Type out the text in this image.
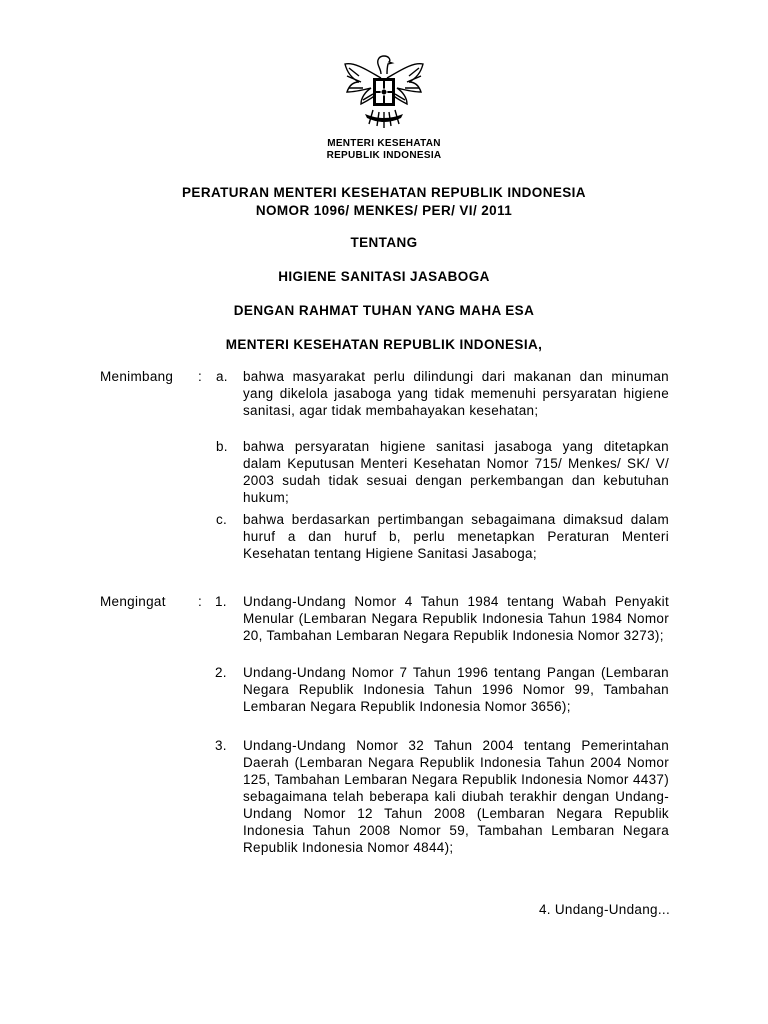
MENTERI KESEHATAN
REPUBLIK INDONESIA
PERATURAN MENTERI KESEHATAN REPUBLIK INDONESIA
NOMOR 1096/ MENKES/ PER/ VI/ 2011
TENTANG
HIGIENE SANITASI JASABOGA
DENGAN RAHMAT TUHAN YANG MAHA ESA
MENTERI KESEHATAN REPUBLIK INDONESIA,
Menimbang : a. bahwa masyarakat perlu dilindungi dari makanan dan minuman yang dikelola jasaboga yang tidak memenuhi persyaratan higiene sanitasi, agar tidak membahayakan kesehatan;
b. bahwa persyaratan higiene sanitasi jasaboga yang ditetapkan dalam Keputusan Menteri Kesehatan Nomor 715/ Menkes/ SK/ V/ 2003 sudah tidak sesuai dengan perkembangan dan kebutuhan hukum;
c. bahwa berdasarkan pertimbangan sebagaimana dimaksud dalam huruf a dan huruf b, perlu menetapkan Peraturan Menteri Kesehatan tentang Higiene Sanitasi Jasaboga;
Mengingat : 1. Undang-Undang Nomor 4 Tahun 1984 tentang Wabah Penyakit Menular (Lembaran Negara Republik Indonesia Tahun 1984 Nomor 20, Tambahan Lembaran Negara Republik Indonesia Nomor 3273);
2. Undang-Undang Nomor 7 Tahun 1996 tentang Pangan (Lembaran Negara Republik Indonesia Tahun 1996 Nomor 99, Tambahan Lembaran Negara Republik Indonesia Nomor 3656);
3. Undang-Undang Nomor 32 Tahun 2004 tentang Pemerintahan Daerah (Lembaran Negara Republik Indonesia Tahun 2004 Nomor 125, Tambahan Lembaran Negara Republik Indonesia Nomor 4437) sebagaimana telah beberapa kali diubah terakhir dengan Undang-Undang Nomor 12 Tahun 2008 (Lembaran Negara Republik Indonesia Tahun 2008 Nomor 59, Tambahan Lembaran Negara Republik Indonesia Nomor 4844);
4. Undang-Undang...
